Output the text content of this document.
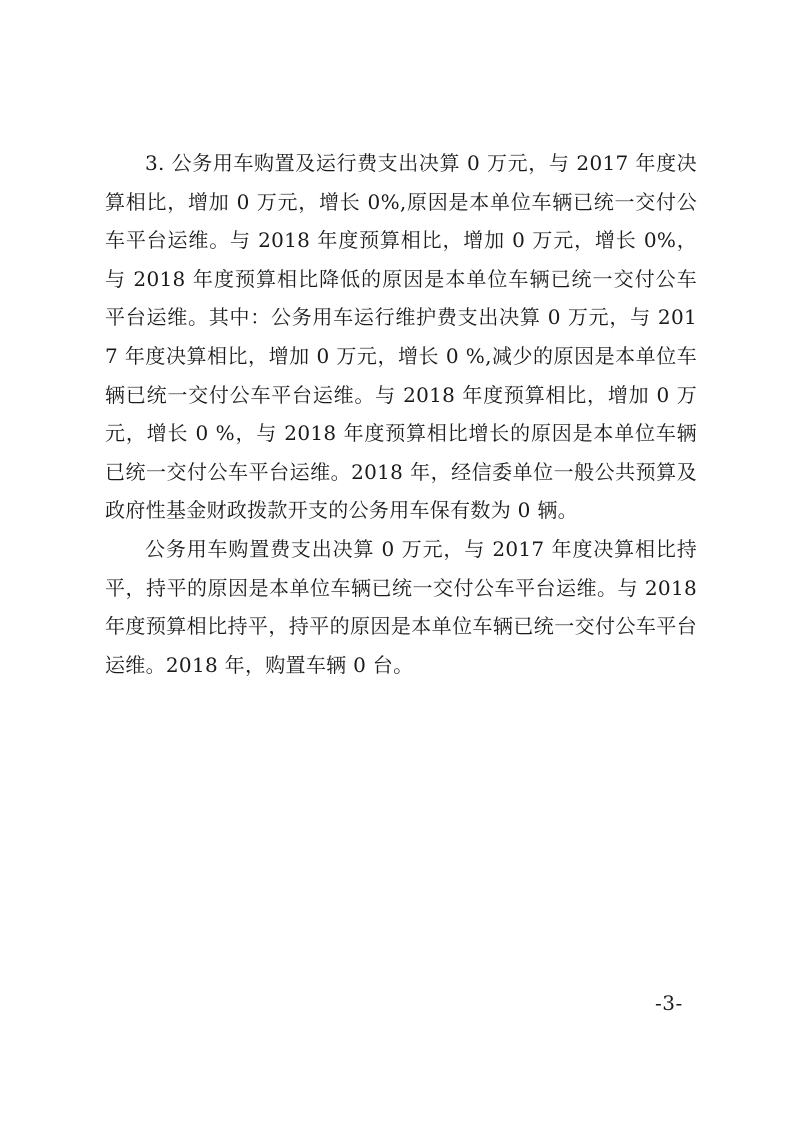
3. 公务用车购置及运行费支出决算 0 万元，与 2017 年度决算相比，增加 0 万元，增长 0%,原因是本单位车辆已统一交付公车平台运维。与 2018 年度预算相比，增加 0 万元，增长 0%，与 2018 年度预算相比降低的原因是本单位车辆已统一交付公车平台运维。其中：公务用车运行维护费支出决算 0 万元，与 2017 年度决算相比，增加 0 万元，增长 0 %,减少的原因是本单位车辆已统一交付公车平台运维。与 2018 年度预算相比，增加 0 万元，增长 0 %，与 2018 年度预算相比增长的原因是本单位车辆已统一交付公车平台运维。2018 年，经信委单位一般公共预算及政府性基金财政拨款开支的公务用车保有数为 0 辆。

公务用车购置费支出决算 0 万元，与 2017 年度决算相比持平，持平的原因是本单位车辆已统一交付公车平台运维。与 2018 年度预算相比持平，持平的原因是本单位车辆已统一交付公车平台运维。2018 年，购置车辆 0 台。

-3-
